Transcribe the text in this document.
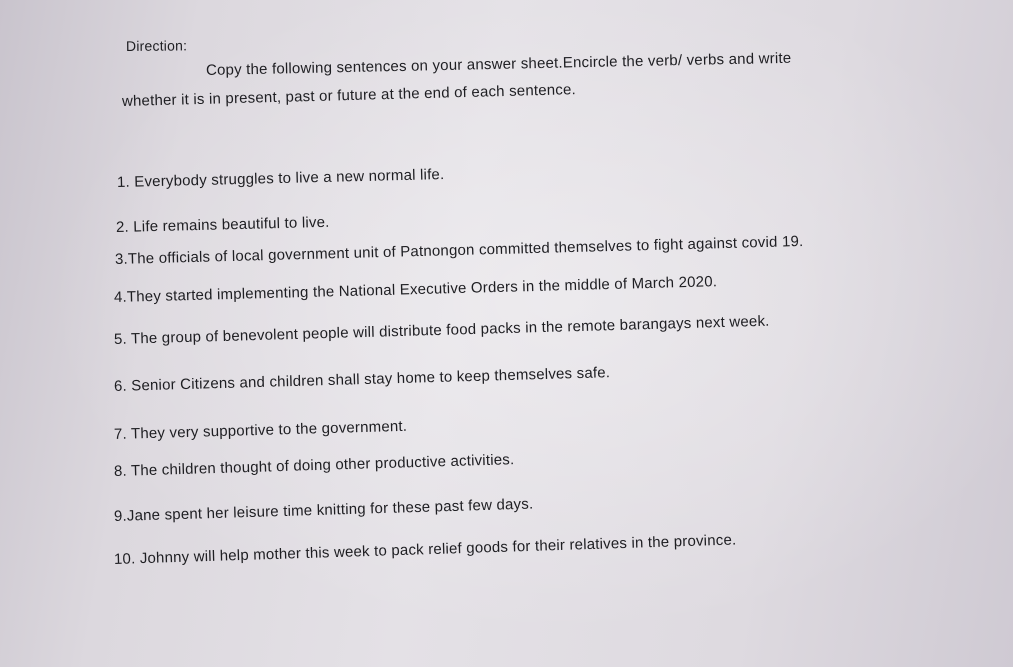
Direction:
Copy the following sentences on your answer sheet.Encircle the verb/ verbs and write
whether it is in present, past or future at the end of each sentence.
1. Everybody struggles to live a new normal life.
2. Life remains beautiful to live.
3.The officials of local government unit of Patnongon committed themselves to fight against covid 19.
4.They started implementing the National Executive Orders in the middle of March 2020.
5. The group of benevolent people will distribute food packs in the remote barangays next week.
6. Senior Citizens and children shall stay home to keep themselves safe.
7. They very supportive to the government.
8. The children thought of doing other productive activities.
9.Jane spent her leisure time knitting for these past few days.
10. Johnny will help mother this week to pack relief goods for their relatives in the province.
